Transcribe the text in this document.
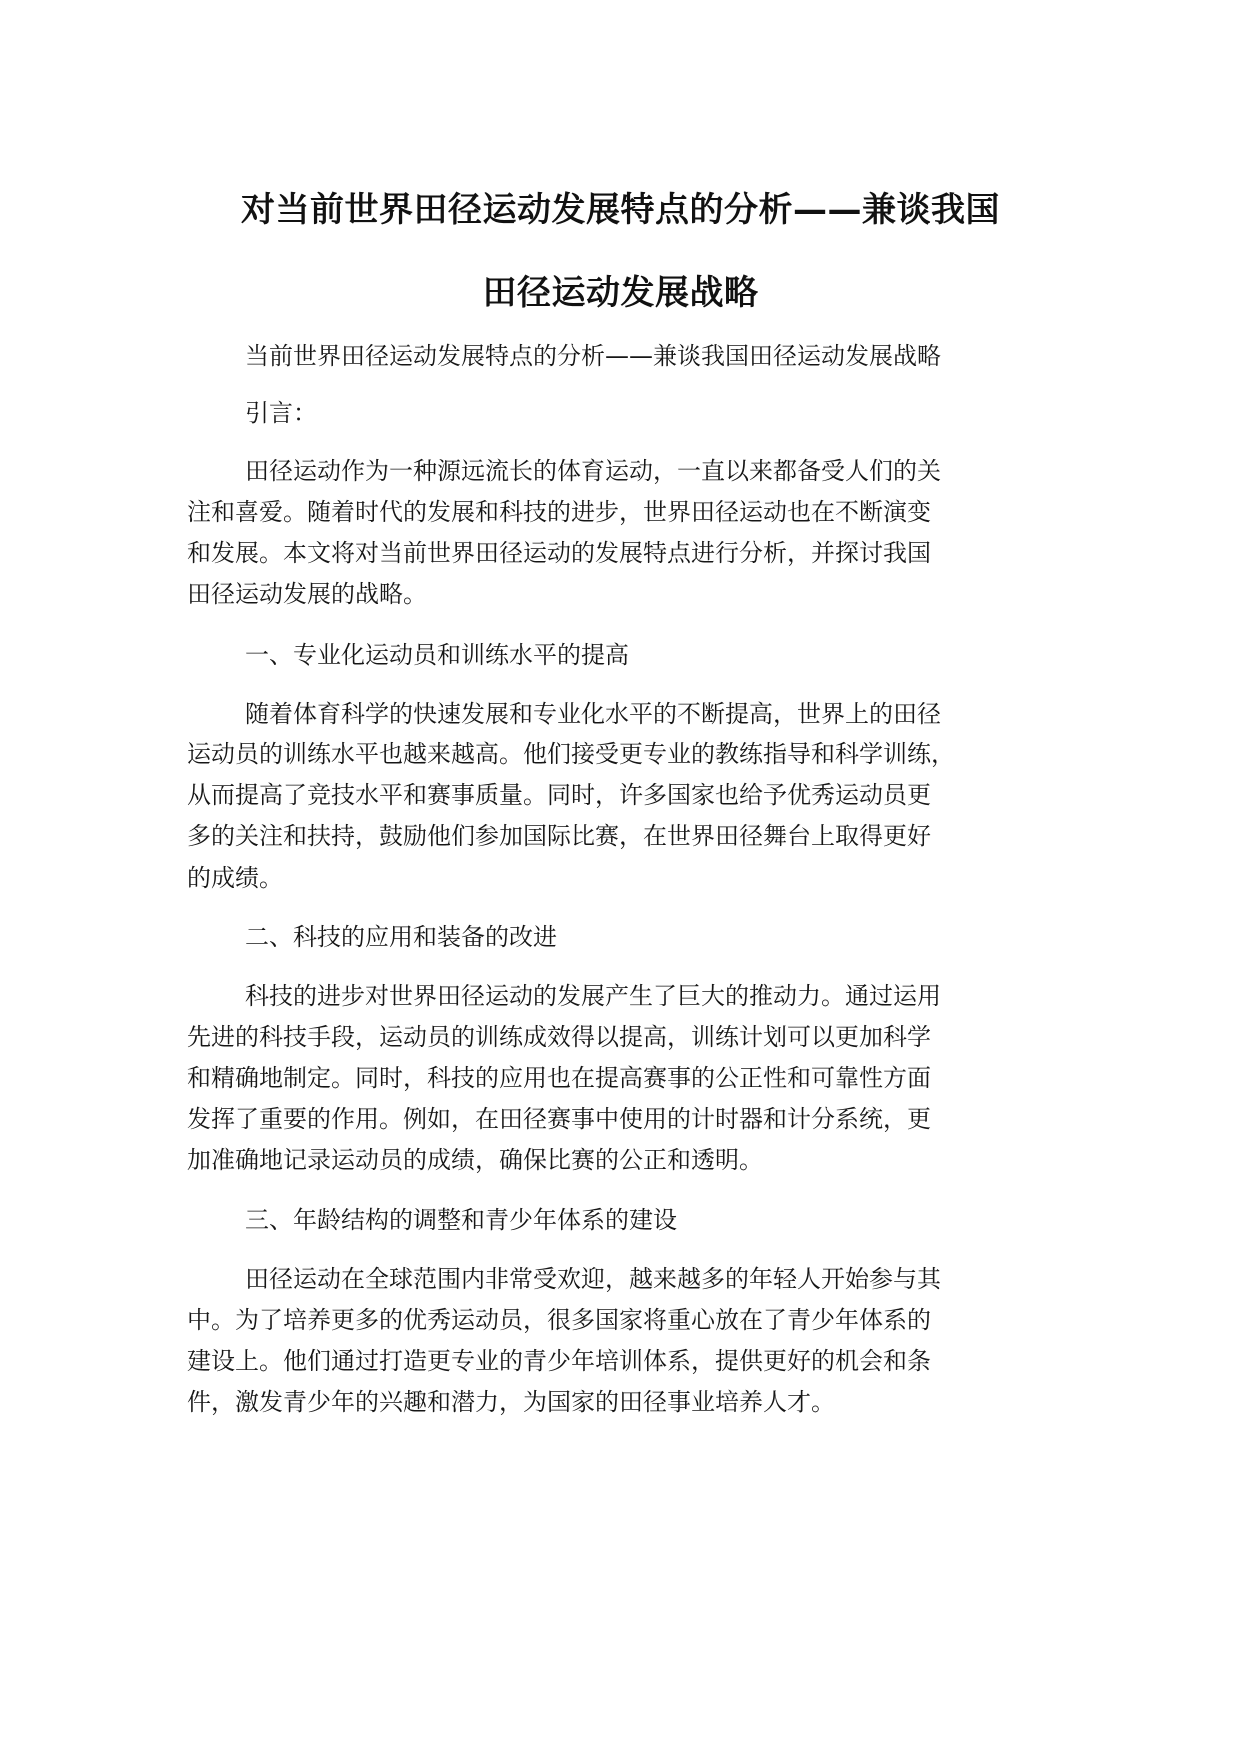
对当前世界田径运动发展特点的分析——兼谈我国
田径运动发展战略

当前世界田径运动发展特点的分析——兼谈我国田径运动发展战略

引言：

田径运动作为一种源远流长的体育运动，一直以来都备受人们的关

注和喜爱。随着时代的发展和科技的进步，世界田径运动也在不断演变

和发展。本文将对当前世界田径运动的发展特点进行分析，并探讨我国

田径运动发展的战略。

一、专业化运动员和训练水平的提高

随着体育科学的快速发展和专业化水平的不断提高，世界上的田径

运动员的训练水平也越来越高。他们接受更专业的教练指导和科学训练，

从而提高了竞技水平和赛事质量。同时，许多国家也给予优秀运动员更

多的关注和扶持，鼓励他们参加国际比赛，在世界田径舞台上取得更好

的成绩。

二、科技的应用和装备的改进

科技的进步对世界田径运动的发展产生了巨大的推动力。通过运用

先进的科技手段，运动员的训练成效得以提高，训练计划可以更加科学

和精确地制定。同时，科技的应用也在提高赛事的公正性和可靠性方面

发挥了重要的作用。例如，在田径赛事中使用的计时器和计分系统，更

加准确地记录运动员的成绩，确保比赛的公正和透明。

三、年龄结构的调整和青少年体系的建设

田径运动在全球范围内非常受欢迎，越来越多的年轻人开始参与其

中。为了培养更多的优秀运动员，很多国家将重心放在了青少年体系的

建设上。他们通过打造更专业的青少年培训体系，提供更好的机会和条

件，激发青少年的兴趣和潜力，为国家的田径事业培养人才。
